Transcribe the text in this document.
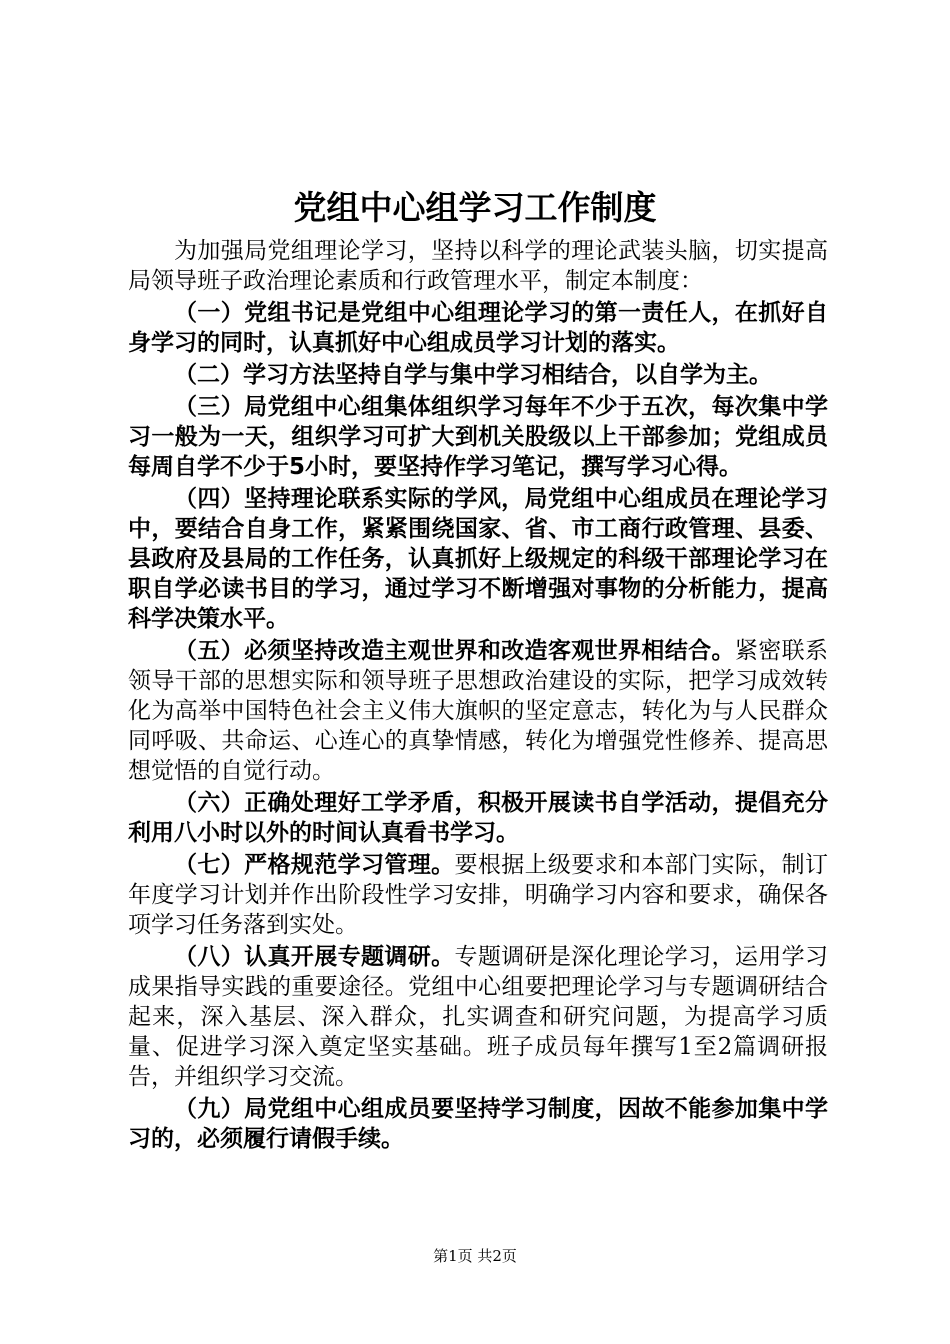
党组中心组学习工作制度

为加强局党组理论学习，坚持以科学的理论武装头脑，切实提高局领导班子政治理论素质和行政管理水平，制定本制度：

（一）党组书记是党组中心组理论学习的第一责任人，在抓好自身学习的同时，认真抓好中心组成员学习计划的落实。

（二）学习方法坚持自学与集中学习相结合，以自学为主。

（三）局党组中心组集体组织学习每年不少于五次，每次集中学习一般为一天，组织学习可扩大到机关股级以上干部参加；党组成员每周自学不少于5小时，要坚持作学习笔记，撰写学习心得。

（四）坚持理论联系实际的学风，局党组中心组成员在理论学习中，要结合自身工作，紧紧围绕国家、省、市工商行政管理、县委、县政府及县局的工作任务，认真抓好上级规定的科级干部理论学习在职自学必读书目的学习，通过学习不断增强对事物的分析能力，提高科学决策水平。

（五）必须坚持改造主观世界和改造客观世界相结合。紧密联系领导干部的思想实际和领导班子思想政治建设的实际，把学习成效转化为高举中国特色社会主义伟大旗帜的坚定意志，转化为与人民群众同呼吸、共命运、心连心的真挚情感，转化为增强党性修养、提高思想觉悟的自觉行动。

（六）正确处理好工学矛盾，积极开展读书自学活动，提倡充分利用八小时以外的时间认真看书学习。

（七）严格规范学习管理。要根据上级要求和本部门实际，制订年度学习计划并作出阶段性学习安排，明确学习内容和要求，确保各项学习任务落到实处。

（八）认真开展专题调研。专题调研是深化理论学习，运用学习成果指导实践的重要途径。党组中心组要把理论学习与专题调研结合起来，深入基层、深入群众，扎实调查和研究问题，为提高学习质量、促进学习深入奠定坚实基础。班子成员每年撰写1至2篇调研报告，并组织学习交流。

（九）局党组中心组成员要坚持学习制度，因故不能参加集中学习的，必须履行请假手续。

第1页 共2页
